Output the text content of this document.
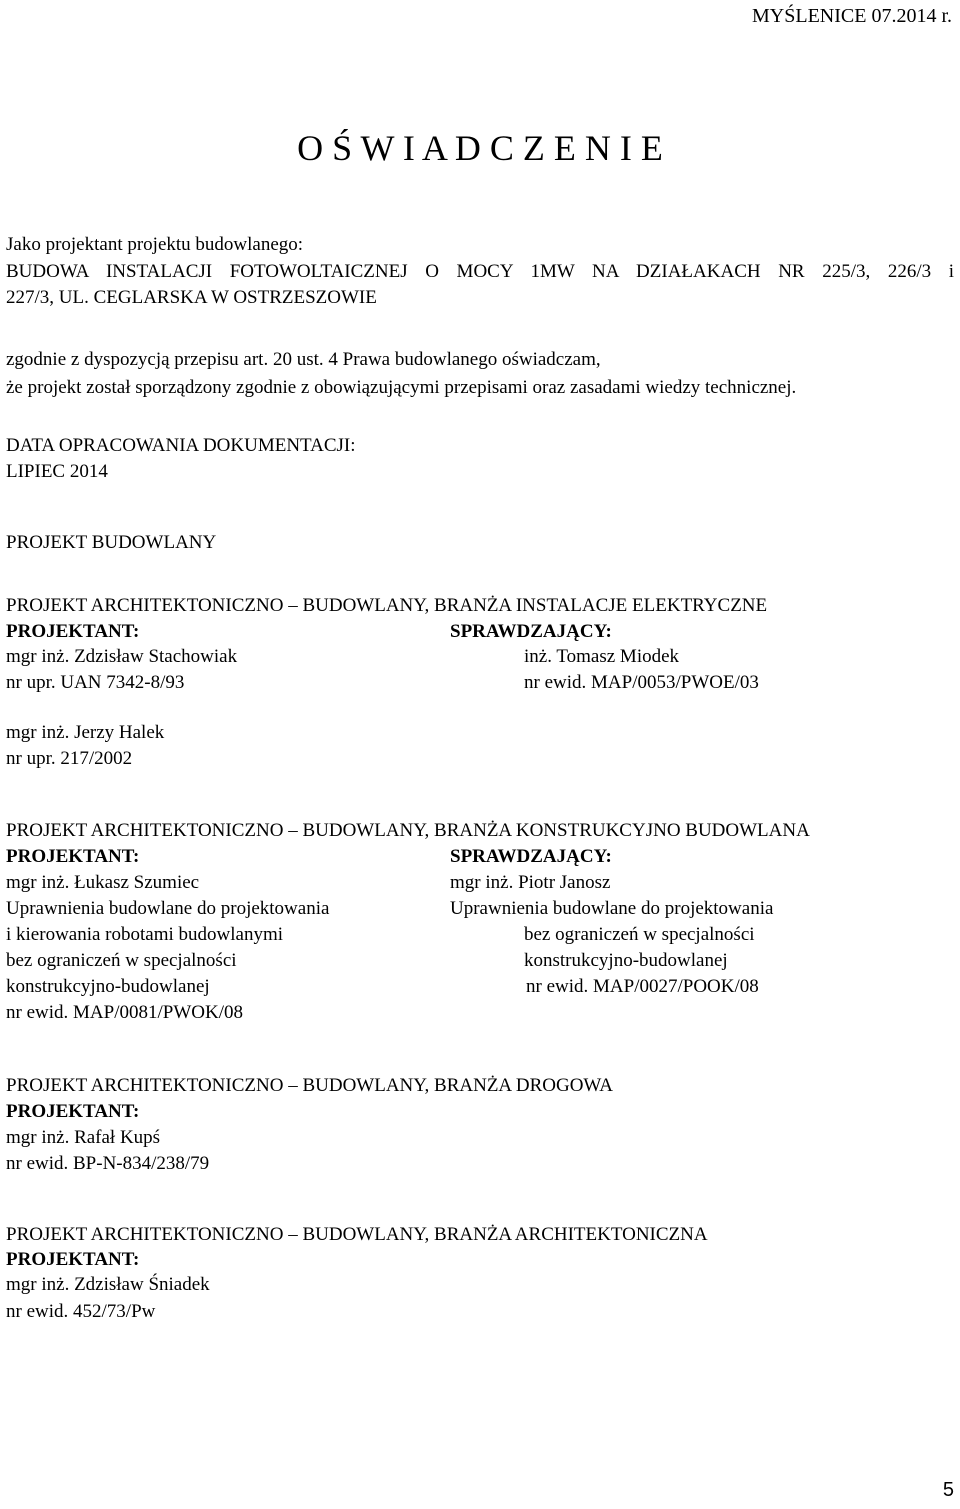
MYŚLENICE 07.2014 r.
O Ś W I A D C Z E N I E
Jako projektant projektu budowlanego:
BUDOWA INSTALACJI FOTOWOLTAICZNEJ O MOCY 1MW NA DZIAŁAKACH NR 225/3, 226/3 i
227/3, UL. CEGLARSKA W OSTRZESZOWIE
zgodnie z dyspozycją przepisu art. 20 ust. 4 Prawa budowlanego oświadczam,
że projekt został sporządzony zgodnie z obowiązującymi przepisami oraz zasadami wiedzy technicznej.
DATA OPRACOWANIA DOKUMENTACJI:
LIPIEC 2014
PROJEKT BUDOWLANY
PROJEKT ARCHITEKTONICZNO – BUDOWLANY, BRANŻA INSTALACJE ELEKTRYCZNE
PROJEKTANT:	SPRAWDZAJĄCY:
mgr inż. Zdzisław Stachowiak	inż. Tomasz Miodek
nr upr. UAN 7342-8/93	nr ewid. MAP/0053/PWOE/03
mgr inż. Jerzy Halek
nr upr. 217/2002
PROJEKT ARCHITEKTONICZNO – BUDOWLANY, BRANŻA KONSTRUKCYJNO BUDOWLANA
PROJEKTANT:	SPRAWDZAJĄCY:
mgr inż. Łukasz Szumiec	mgr inż. Piotr Janosz
Uprawnienia budowlane do projektowania	Uprawnienia budowlane do projektowania
i kierowania robotami budowlanymi	bez ograniczeń w specjalności
bez ograniczeń w specjalności	konstrukcyjno-budowlanej
konstrukcyjno-budowlanej	nr ewid. MAP/0027/POOK/08
nr ewid. MAP/0081/PWOK/08
PROJEKT ARCHITEKTONICZNO – BUDOWLANY, BRANŻA DROGOWA
PROJEKTANT:
mgr inż. Rafał Kupś
nr ewid. BP-N-834/238/79
PROJEKT ARCHITEKTONICZNO – BUDOWLANY, BRANŻA ARCHITEKTONICZNA
PROJEKTANT:
mgr inż. Zdzisław Śniadek
nr ewid. 452/73/Pw
5
